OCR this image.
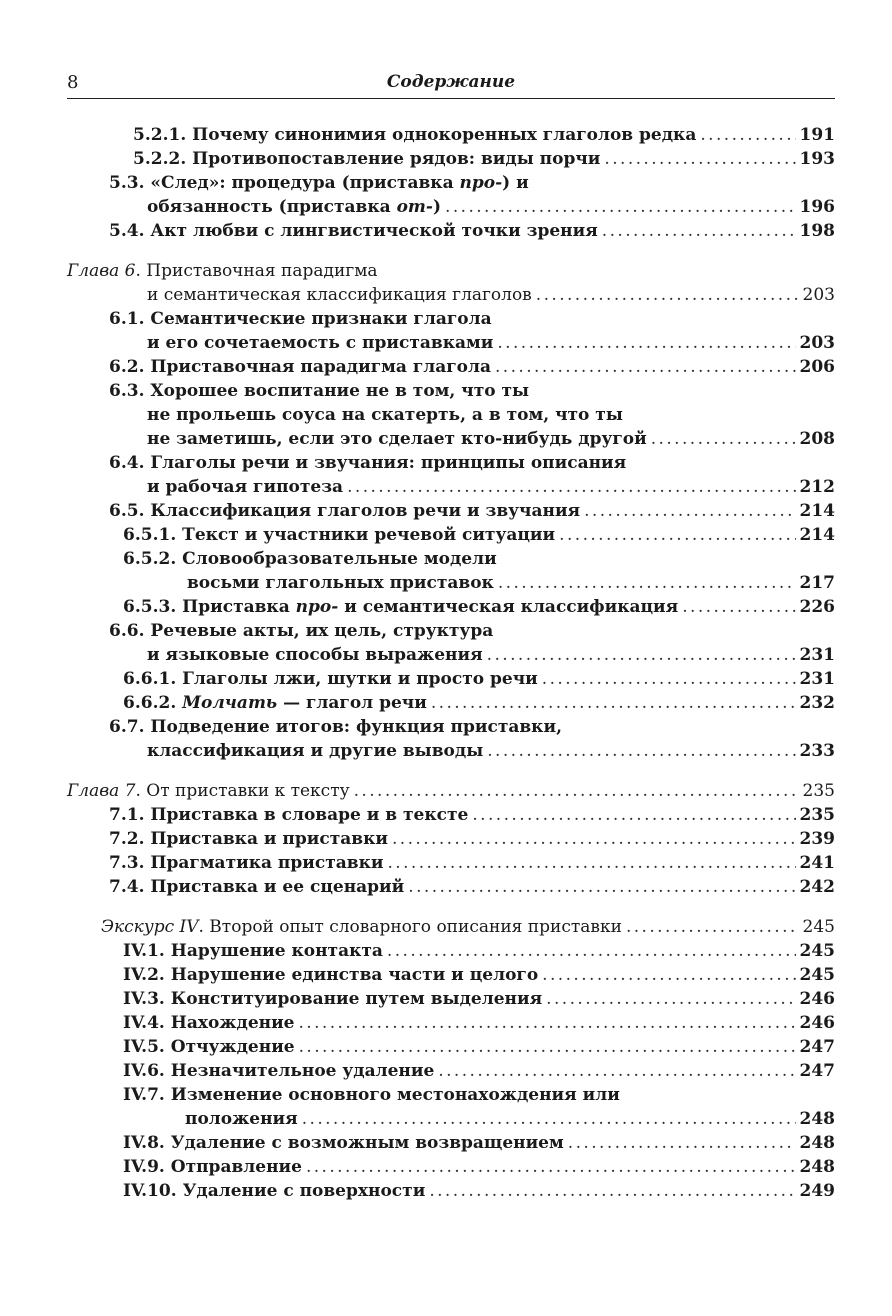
8	Содержание
5.2.1. Почему синонимия однокоренных глаголов редка . . .	191
5.2.2. Противопоставление рядов: виды порчи . . .	193
5.3. «След»: процедура (приставка про-) и
обязанность (приставка от-) . . .	196
5.4. Акт любви с лингвистической точки зрения . . .	198
Глава 6. Приставочная парадигма
и семантическая классификация глаголов . . .	203
6.1. Семантические признаки глагола
и его сочетаемость с приставками . . .	203
6.2. Приставочная парадигма глагола . . .	206
6.3. Хорошее воспитание не в том, что ты
не прольешь соуса на скатерть, а в том, что ты
не заметишь, если это сделает кто-нибудь другой . . .	208
6.4. Глаголы речи и звучания: принципы описания
и рабочая гипотеза . . .	212
6.5. Классификация глаголов речи и звучания . . .	214
6.5.1. Текст и участники речевой ситуации . . .	214
6.5.2. Словообразовательные модели
восьми глагольных приставок . . .	217
6.5.3. Приставка про- и семантическая классификация . . .	226
6.6. Речевые акты, их цель, структура
и языковые способы выражения . . .	231
6.6.1. Глаголы лжи, шутки и просто речи . . .	231
6.6.2. Молчать — глагол речи . . .	232
6.7. Подведение итогов: функция приставки,
классификация и другие выводы . . .	233
Глава 7. От приставки к тексту . . .	235
7.1. Приставка в словаре и в тексте . . .	235
7.2. Приставка и приставки . . .	239
7.3. Прагматика приставки . . .	241
7.4. Приставка и ее сценарий . . .	242
Экскурс IV. Второй опыт словарного описания приставки . . .	245
IV.1. Нарушение контакта . . .	245
IV.2. Нарушение единства части и целого . . .	245
IV.3. Конституирование путем выделения . . .	246
IV.4. Нахождение . . .	246
IV.5. Отчуждение . . .	247
IV.6. Незначительное удаление . . .	247
IV.7. Изменение основного местонахождения или
положения . . .	248
IV.8. Удаление с возможным возвращением . . .	248
IV.9. Отправление . . .	248
IV.10. Удаление с поверхности . . .	249
